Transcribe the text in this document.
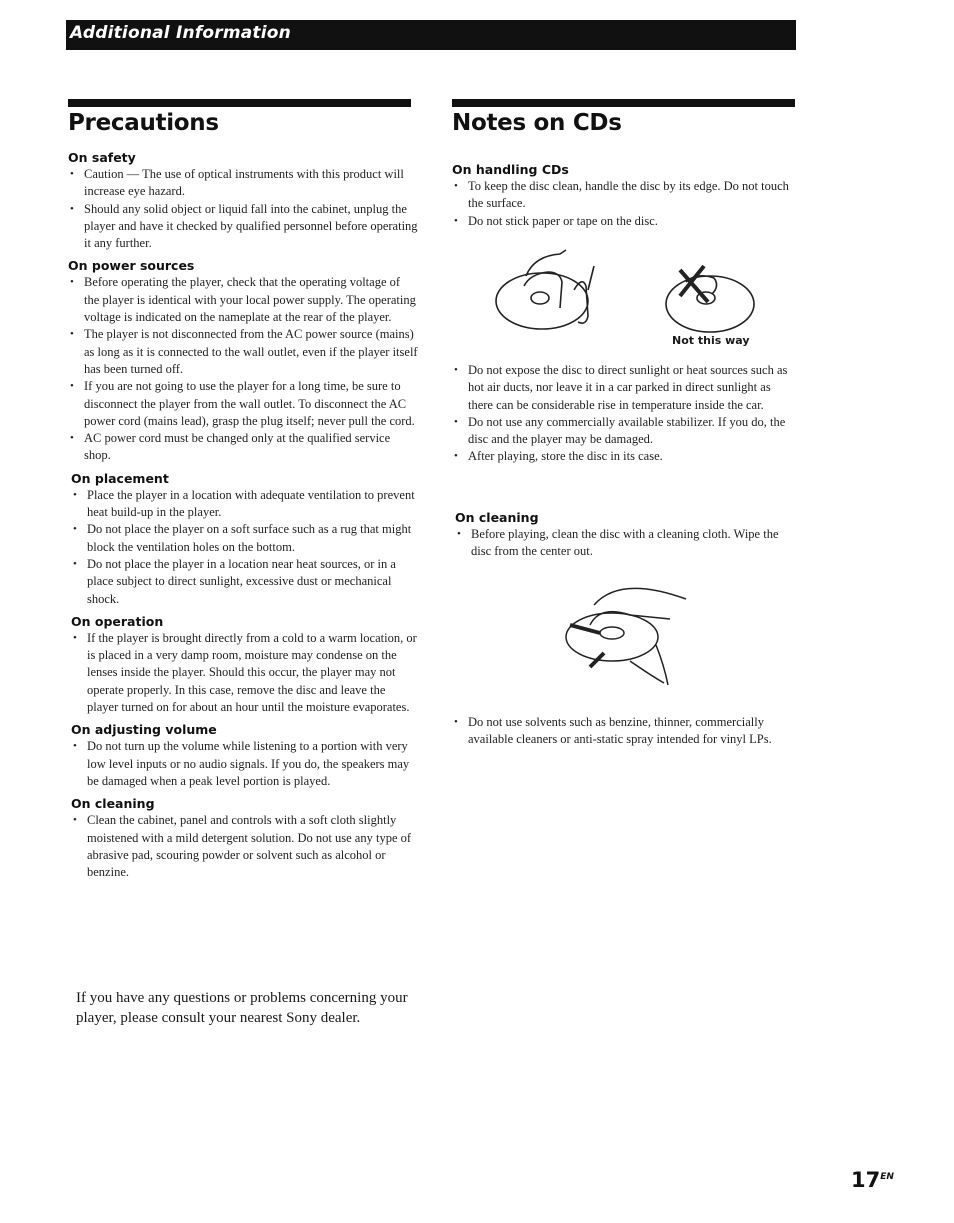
Additional Information
Precautions

On safety

• Caution — The use of optical instruments with this product will increase eye hazard.
• Should any solid object or liquid fall into the cabinet, unplug the player and have it checked by qualified personnel before operating it any further.

On power sources

• Before operating the player, check that the operating voltage of the player is identical with your local power supply. The operating voltage is indicated on the nameplate at the rear of the player.
• The player is not disconnected from the AC power source (mains) as long as it is connected to the wall outlet, even if the player itself has been turned off.
• If you are not going to use the player for a long time, be sure to disconnect the player from the wall outlet. To disconnect the AC power cord (mains lead), grasp the plug itself; never pull the cord.
• AC power cord must be changed only at the qualified service shop.

On placement

• Place the player in a location with adequate ventilation to prevent heat build-up in the player.
• Do not place the player on a soft surface such as a rug that might block the ventilation holes on the bottom.
• Do not place the player in a location near heat sources, or in a place subject to direct sunlight, excessive dust or mechanical shock.

On operation

• If the player is brought directly from a cold to a warm location, or is placed in a very damp room, moisture may condense on the lenses inside the player. Should this occur, the player may not operate properly. In this case, remove the disc and leave the player turned on for about an hour until the moisture evaporates.

On adjusting volume

• Do not turn up the volume while listening to a portion with very low level inputs or no audio signals. If you do, the speakers may be damaged when a peak level portion is played.

On cleaning

• Clean the cabinet, panel and controls with a soft cloth slightly moistened with a mild detergent solution. Do not use any type of abrasive pad, scouring powder or solvent such as alcohol or benzine.
If you have any questions or problems concerning your player, please consult your nearest Sony dealer.
Notes on CDs

On handling CDs

• To keep the disc clean, handle the disc by its edge. Do not touch the surface.
• Do not stick paper or tape on the disc.
Not this way
• Do not expose the disc to direct sunlight or heat sources such as hot air ducts, nor leave it in a car parked in direct sunlight as there can be considerable rise in temperature inside the car.
• Do not use any commercially available stabilizer. If you do, the disc and the player may be damaged.
• After playing, store the disc in its case.

On cleaning

• Before playing, clean the disc with a cleaning cloth. Wipe the disc from the center out.
• Do not use solvents such as benzine, thinner, commercially available cleaners or anti-static spray intended for vinyl LPs.
$17^{EN}$
